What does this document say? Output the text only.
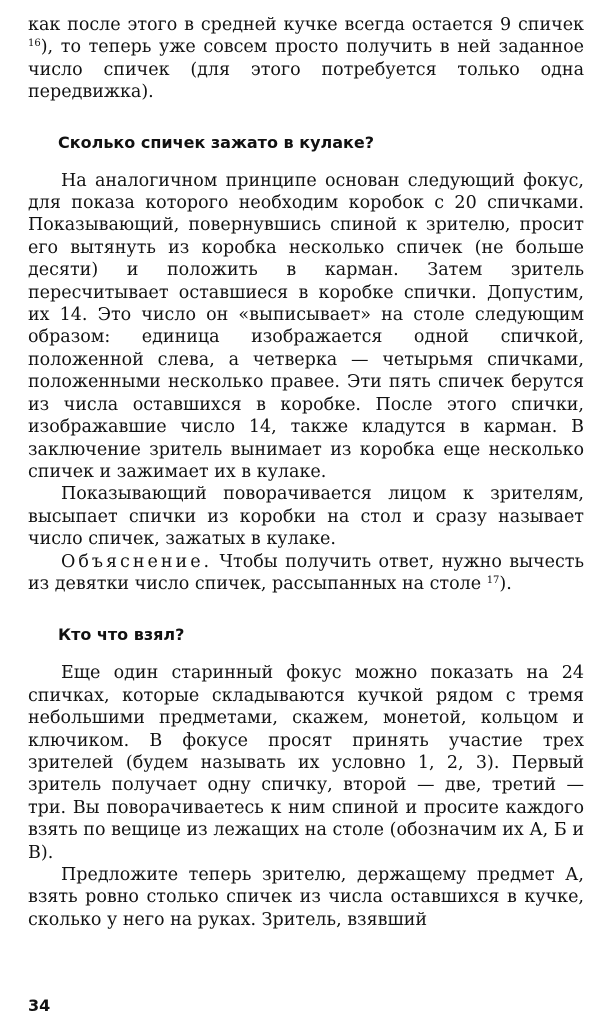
как после этого в средней кучке всегда остается 9 спичек $^{16}$), то теперь уже совсем просто получить в ней заданное число спичек (для этого потребуется только одна передвижка).

Сколько спичек зажато в кулаке?

На аналогичном принципе основан следующий фокус, для показа которого необходим коробок с 20 спичками. Показывающий, повернувшись спиной к зрителю, просит его вытянуть из коробка несколько спичек (не больше десяти) и положить в карман. Затем зритель пересчитывает оставшиеся в коробке спички. Допустим, их 14. Это число он «выписывает» на столе следующим образом: единица изображается одной спичкой, положенной слева, а четверка — четырьмя спичками, положенными несколько правее. Эти пять спичек берутся из числа оставшихся в коробке. После этого спички, изображавшие число 14, также кладутся в карман. В заключение зритель вынимает из коробка еще несколько спичек и зажимает их в кулаке.

Показывающий поворачивается лицом к зрителям, высыпает спички из коробки на стол и сразу называет число спичек, зажатых в кулаке.

Объяснение. Чтобы получить ответ, нужно вычесть из девятки число спичек, рассыпанных на столе $^{17}$).

Кто что взял?

Еще один старинный фокус можно показать на 24 спичках, которые складываются кучкой рядом с тремя небольшими предметами, скажем, монетой, кольцом и ключиком. В фокусе просят принять участие трех зрителей (будем называть их условно 1, 2, 3). Первый зритель получает одну спичку, второй — две, третий — три. Вы поворачиваетесь к ним спиной и просите каждого взять по вещице из лежащих на столе (обозначим их А, Б и В).

Предложите теперь зрителю, держащему предмет А, взять ровно столько спичек из числа оставшихся в кучке, сколько у него на руках. Зритель, взявший

34
